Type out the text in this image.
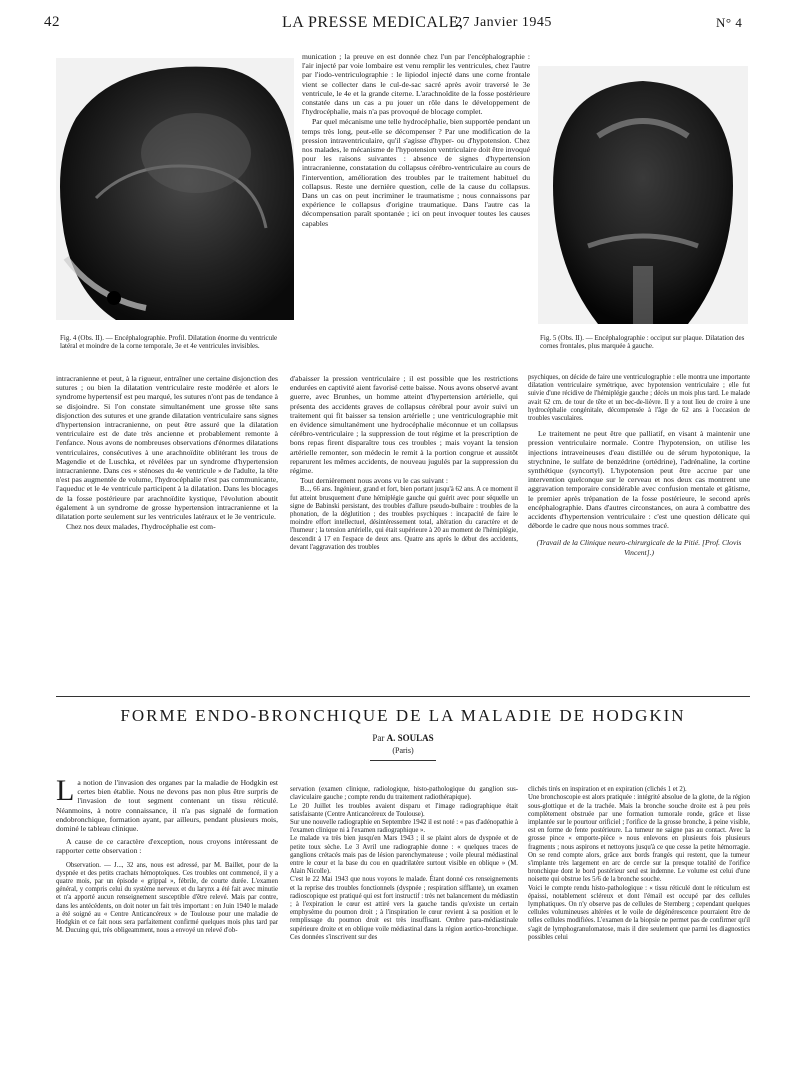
42	LA PRESSE MEDICALE,
27 Janvier 1945	N° 4
Fig. 4 (Obs. II). — Encéphalographie. Profil. Dilatation énorme du ventricule latéral et moindre de la corne temporale, 3e et 4e ventricules invisibles.
Fig. 5 (Obs. II). — Encéphalographie : occiput sur plaque. Dilatation des cornes frontales, plus marquée à gauche.

munication ; la preuve en est donnée chez l'un par l'encéphalographie : l'air injecté par voie lombaire est venu remplir les ventricules, chez l'autre par l'iodo-ventriculographie : le lipiodol injecté dans une corne frontale vient se collecter dans le cul-de-sac sacré après avoir traversé le 3e ventricule, le 4e et la grande citerne. L'arachnoïdite de la fosse postérieure constatée dans un cas a pu jouer un rôle dans le développement de l'hydrocéphalie, mais n'a pas provoqué de blocage complet.

Par quel mécanisme une telle hydrocéphalie, bien supportée pendant un temps très long, peut-elle se décompenser ? Par une modification de la pression intraventriculaire, qu'il s'agisse d'hyper- ou d'hypotension. Chez nos malades, le mécanisme de l'hypotension ventriculaire doit être invoqué pour les raisons suivantes : absence de signes d'hypertension intracranienne, constatation du collapsus cérébro-ventriculaire au cours de l'intervention, amélioration des troubles par le traitement habituel du collapsus. Reste une dernière question, celle de la cause du collapsus. Dans un cas on peut incriminer le traumatisme ; nous connaissons par expérience le collapsus d'origine traumatique. Dans l'autre cas la décompensation paraît spontanée ; ici on peut invoquer toutes les causes capables

intracranienne et peut, à la rigueur, entraîner une certaine disjonction des sutures ; ou bien la dilatation ventriculaire reste modérée et alors le syndrome hypertensif est peu marqué, les sutures n'ont pas de tendance à se disjoindre. Si l'on constate simultanément une grosse tête sans disjonction des sutures et une grande dilatation ventriculaire sans signes d'hypertension intracranienne, on peut être assuré que la dilatation ventriculaire est de date très ancienne et probablement remonte à l'enfance. Nous avons de nombreuses observations d'énormes dilatations ventriculaires, consécutives à une arachnoïdite oblitérant les trous de Magendie et de Luschka, et révélées par un syndrome d'hypertension intracranienne. Dans ces « sténoses du 4e ventricule » de l'adulte, la tête n'est pas augmentée de volume, l'hydrocéphalie n'est pas communicante, l'aqueduc et le 4e ventricule participent à la dilatation. Dans les blocages de la fosse postérieure par arachnoïdite kystique, l'évolution aboutit également à un syndrome de grosse hypertension intracranienne et la dilatation porte seulement sur les ventricules latéraux et le 3e ventricule.

Chez nos deux malades, l'hydrocéphalie est com-

d'abaisser la pression ventriculaire ; il est possible que les restrictions endurées en captivité aient favorisé cette baisse. Nous avons observé avant guerre, avec Brunhes, un homme atteint d'hypertension artérielle, qui présenta des accidents graves de collapsus cérébral pour avoir suivi un traitement qui fit baisser sa tension artérielle ; une ventriculographie mit en évidence simultanément une hydrocéphalie méconnue et un collapsus cérébro-ventriculaire ; la suppression de tout régime et la prescription de bons repas firent disparaître tous ces troubles ; mais voyant la tension artérielle remonter, son médecin le remit à la portion congrue et aussitôt reparurent les mêmes accidents, de nouveau jugulés par la suppression du régime.

Tout dernièrement nous avons vu le cas suivant :

B..., 66 ans. Ingénieur, grand et fort, bien portant jusqu'à 62 ans. A ce moment il fut atteint brusquement d'une hémiplégie gauche qui guérit avec pour séquelle un signe de Babinski persistant, des troubles d'allure pseudo-bulbaire : troubles de la phonation, de la déglutition ; des troubles psychiques : incapacité de faire le moindre effort intellectuel, désintéressement total, altération du caractère et de l'humeur ; la tension artérielle, qui était supérieure à 20 au moment de l'hémiplégie, descendit à 17 en l'espace de deux ans. Quatre ans après le début des accidents, devant l'aggravation des troubles

psychiques, on décide de faire une ventriculographie : elle montra une importante dilatation ventriculaire symétrique, avec hypotension ventriculaire ; elle fut suivie d'une récidive de l'hémiplégie gauche ; décès un mois plus tard. Le malade avait 62 cm. de tour de tête et un bec-de-lièvre. Il y a tout lieu de croire à une hydrocéphalie congénitale, décompensée à l'âge de 62 ans à l'occasion de troubles vasculaires.

Le traitement ne peut être que palliatif, en visant à maintenir une pression ventriculaire normale. Contre l'hypotension, on utilise les injections intraveineuses d'eau distillée ou de sérum hypotonique, la strychnine, le sulfate de benzédrine (ortédrine), l'adrénaline, la cortine synthétique (syncortyl). L'hypotension peut être accrue par une intervention quelconque sur le cerveau et nos deux cas montrent une aggravation temporaire considérable avec confusion mentale et gâtisme, le premier après trépanation de la fosse postérieure, le second après encéphalographie. Dans d'autres circonstances, on aura à combattre des accidents d'hypertension ventriculaire : c'est une question délicate qui déborde le cadre que nous nous sommes tracé.

(Travail de la Clinique neuro-chirurgicale de la Pitié. [Prof. Clovis Vincent].)

FORME ENDO-BRONCHIQUE DE LA MALADIE DE HODGKIN
Par A. SOULAS
(Paris)

L a notion de l'invasion des organes par la maladie de Hodgkin est certes bien établie. Nous ne devons pas non plus être surpris de l'invasion de tout segment contenant un tissu réticulé. Néanmoins, à notre connaissance, il n'a pas signalé de formation endobronchique, formation ayant, par ailleurs, pendant plusieurs mois, dominé le tableau clinique.

A cause de ce caractère d'exception, nous croyons intéressant de rapporter cette observation :

Observation. — J..., 32 ans, nous est adressé, par M. Baillet, pour de la dyspnée et des petits crachats hémoptoïques. Ces troubles ont commencé, il y a quatre mois, par un épisode « grippal », fébrile, de courte durée. L'examen général, y compris celui du système nerveux et du larynx a été fait avec minutie et n'a apporté aucun renseignement susceptible d'être relevé. Mais par contre, dans les antécédents, on doit noter un fait très important : en Juin 1940 le malade a été soigné au « Centre Anticancéreux » de Toulouse pour une maladie de Hodgkin et ce fait nous sera parfaitement confirmé quelques mois plus tard par M. Ducuing qui, très obligeamment, nous a envoyé un relevé d'ob-

servation (examen clinique, radiologique, histo-pathologique du ganglion sus-claviculaire gauche ; compte rendu du traitement radiothérapique).
Le 20 Juillet les troubles avaient disparu et l'image radiographique était satisfaisante (Centre Anticancéreux de Toulouse).
Sur une nouvelle radiographie en Septembre 1942 il est noté : « pas d'adénopathie à l'examen clinique ni à l'examen radiographique ».
Le malade va très bien jusqu'en Mars 1943 ; il se plaint alors de dyspnée et de petite toux sèche. Le 3 Avril une radiographie donne : « quelques traces de ganglions crétacés mais pas de lésion parenchymateuse ; voile pleural médiastinal entre le cœur et la base du cou en quadrilatère surtout visible en oblique » (M. Alain Nicolle).
C'est le 22 Mai 1943 que nous voyons le malade. Étant donné ces renseignements et la reprise des troubles fonctionnels (dyspnée ; respiration sifflante), un examen radioscopique est pratiqué qui est fort instructif : très net balancement du médiastin ; à l'expiration le cœur est attiré vers la gauche tandis qu'existe un certain emphysème du poumon droit ; à l'inspiration le cœur revient à sa position et le remplissage du poumon droit est très insuffisant. Ombre para-médiastinale supérieure droite et en oblique voile médiastinal dans la région aortico-bronchique. Ces données s'inscrivent sur des

clichés tirés en inspiration et en expiration (clichés 1 et 2).
Une bronchoscopie est alors pratiquée : intégrité absolue de la glotte, de la région sous-glottique et de la trachée. Mais la bronche souche droite est à peu près complètement obstruée par une formation tumorale ronde, grâce et lisse implantée sur le pourtour orificiel ; l'orifice de la grosse bronche, à peine visible, est en forme de fente postérieure. La tumeur ne saigne pas au contact. Avec la grosse pince « emporte-pièce » nous enlevons en plusieurs fois plusieurs fragments ; nous aspirons et nettoyons jusqu'à ce que cesse la petite hémorragie. On se rend compte alors, grâce aux bords frangés qui restent, que la tumeur s'implante très largement en arc de cercle sur la presque totalité de l'orifice bronchique dont le bord postérieur seul est indemne. Le volume est celui d'une noisette qui obstrue les 5/6 de la bronche souche.
Voici le compte rendu histo-pathologique : « tissu réticulé dont le réticulum est épaissi, notablement scléreux et dont l'émail est occupé par des cellules lymphatiques. On n'y observe pas de cellules de Sternberg ; cependant quelques cellules volumineuses altérées et le voile de dégénérescence pourraient être de telles cellules modifiées. L'examen de la biopsie ne permet pas de confirmer qu'il s'agit de lymphogranulomatose, mais il dire seulement que parmi les diagnostics possibles celui
